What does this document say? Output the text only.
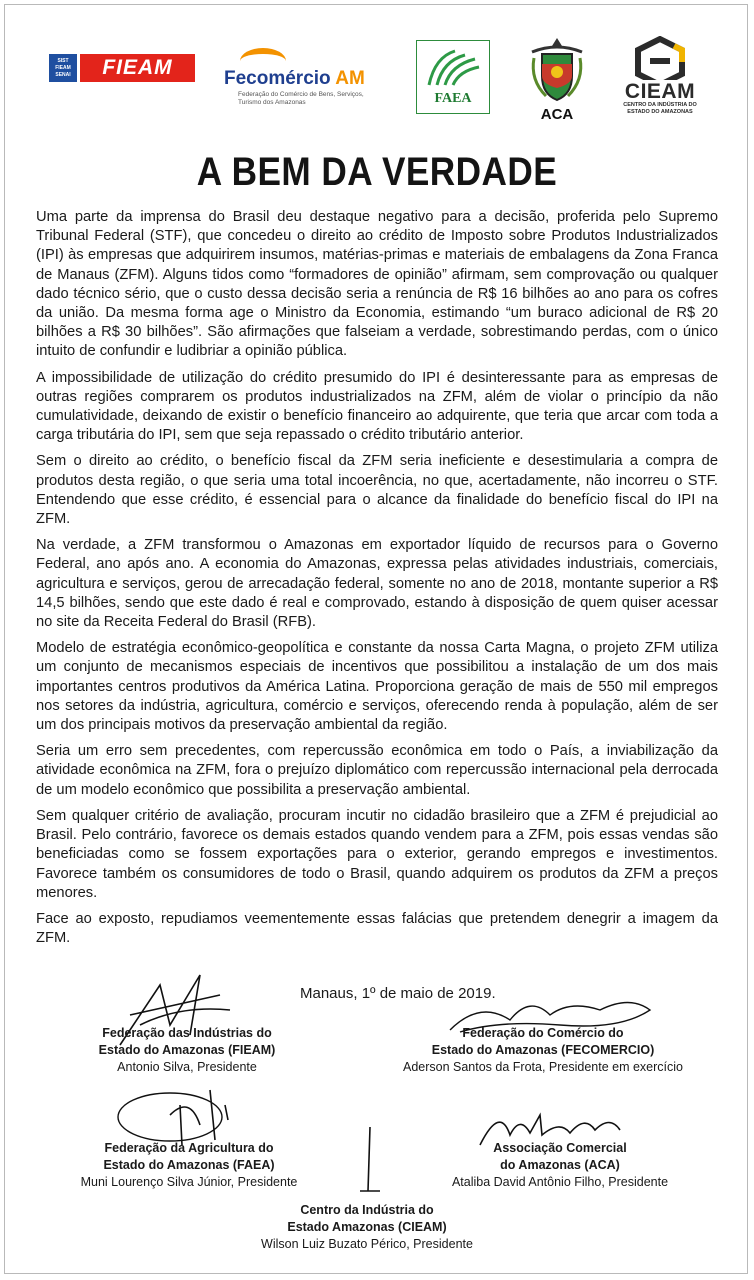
SIST
FIEAM
SENAI	FIEAM	Fecomércio AM
Federação do Comércio de Bens, Serviços, Turismo dos Amazonas	FAEA
ACA
CIEAM
CENTRO DA INDÚSTRIA DO ESTADO DO AMAZONAS
A BEM DA VERDADE

Uma parte da imprensa do Brasil deu destaque negativo para a decisão, proferida pelo Supremo Tribunal Federal (STF), que concedeu o direito ao crédito de Imposto sobre Produtos Industrializados (IPI) às empresas que adquirirem insumos, matérias-primas e materiais de embalagens da Zona Franca de Manaus (ZFM). Alguns tidos como “formadores de opinião” afirmam, sem comprovação ou qualquer dado técnico sério, que o custo dessa decisão seria a renúncia de R$ 16 bilhões ao ano para os cofres da união. Da mesma forma age o Ministro da Economia, estimando “um buraco adicional de R$ 20 bilhões a R$ 30 bilhões”. São afirmações que falseiam a verdade, sobrestimando perdas, com o único intuito de confundir e ludibriar a opinião pública.

A impossibilidade de utilização do crédito presumido do IPI é desinteressante para as empresas de outras regiões comprarem os produtos industrializados na ZFM, além de violar o princípio da não cumulatividade, deixando de existir o benefício financeiro ao adquirente, que teria que arcar com toda a carga tributária do IPI, sem que seja repassado o crédito tributário anterior.

Sem o direito ao crédito, o benefício fiscal da ZFM seria ineficiente e desestimularia a compra de produtos desta região, o que seria uma total incoerência, no que, acertadamente, não incorreu o STF. Entendendo que esse crédito, é essencial para o alcance da finalidade do benefício fiscal do IPI na ZFM.

Na verdade, a ZFM transformou o Amazonas em exportador líquido de recursos para o Governo Federal, ano após ano. A economia do Amazonas, expressa pelas atividades industriais, comerciais, agricultura e serviços, gerou de arrecadação federal, somente no ano de 2018, montante superior a R$ 14,5 bilhões, sendo que este dado é real e comprovado, estando à disposição de quem quiser acessar no site da Receita Federal do Brasil (RFB).

Modelo de estratégia econômico-geopolítica e constante da nossa Carta Magna, o projeto ZFM utiliza um conjunto de mecanismos especiais de incentivos que possibilitou a instalação de um dos mais importantes centros produtivos da América Latina. Proporciona geração de mais de 550 mil empregos nos setores da indústria, agricultura, comércio e serviços, oferecendo renda à população, além de ser um dos principais motivos da preservação ambiental da região.

Seria um erro sem precedentes, com repercussão econômica em todo o País, a inviabilização da atividade econômica na ZFM, fora o prejuízo diplomático com repercussão internacional pela derrocada de um modelo econômico que possibilita a preservação ambiental.

Sem qualquer critério de avaliação, procuram incutir no cidadão brasileiro que a ZFM é prejudicial ao Brasil. Pelo contrário, favorece os demais estados quando vendem para a ZFM, pois essas vendas são beneficiadas como se fossem exportações para o exterior, gerando empregos e investimentos. Favorece também os consumidores de todo o Brasil, quando adquirem os produtos da ZFM a preços menores.

Face ao exposto, repudiamos veementemente essas falácias que pretendem denegrir a imagem da ZFM.

Manaus, 1º de maio de 2019.
Federação das Indústrias do
Estado do Amazonas (FIEAM)
Antonio Silva, Presidente
Federação do Comércio do
Estado do Amazonas (FECOMERCIO)
Aderson Santos da Frota, Presidente em exercício
Federação da Agricultura do
Estado do Amazonas (FAEA)
Muni Lourenço Silva Júnior, Presidente
Associação Comercial
do Amazonas (ACA)
Ataliba David Antônio Filho, Presidente
Centro da Indústria do
Estado Amazonas (CIEAM)
Wilson Luiz Buzato Périco, Presidente
